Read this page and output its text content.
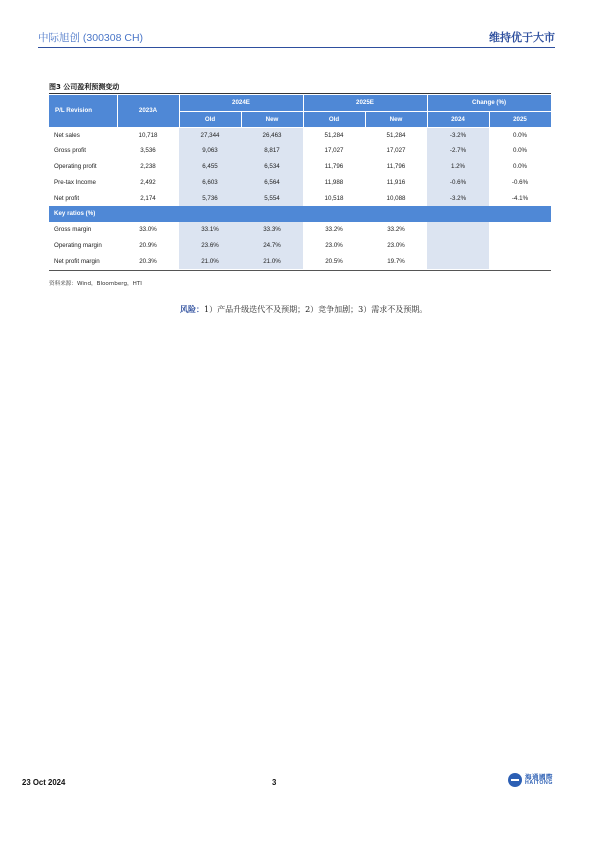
中际旭创 (300308 CH)	维持优于大市
图3 公司盈利预测变动
P/L Revision	2023A	2024E		2025E		Change (%)	
		Old	New	Old	New	2024	2025
Net sales	10,718	27,344	26,463	51,284	51,284	-3.2%	0.0%
Gross profit	3,536	9,063	8,817	17,027	17,027	-2.7%	0.0%
Operating profit	2,238	6,455	6,534	11,796	11,796	1.2%	0.0%
Pre-tax Income	2,492	6,603	6,564	11,988	11,916	-0.6%	-0.6%
Net profit	2,174	5,736	5,554	10,518	10,088	-3.2%	-4.1%
Key ratios (%)							
Gross margin	33.0%	33.1%	33.3%	33.2%	33.2%		
Operating margin	20.9%	23.6%	24.7%	23.0%	23.0%		
Net profit margin	20.3%	21.0%	21.0%	20.5%	19.7%		
资料来源：Wind，Bloomberg，HTI
风险：1）产品升级迭代不及预期；2）竞争加剧；3）需求不及预期。
23 Oct 2024	3
海通國際
HAITONG
